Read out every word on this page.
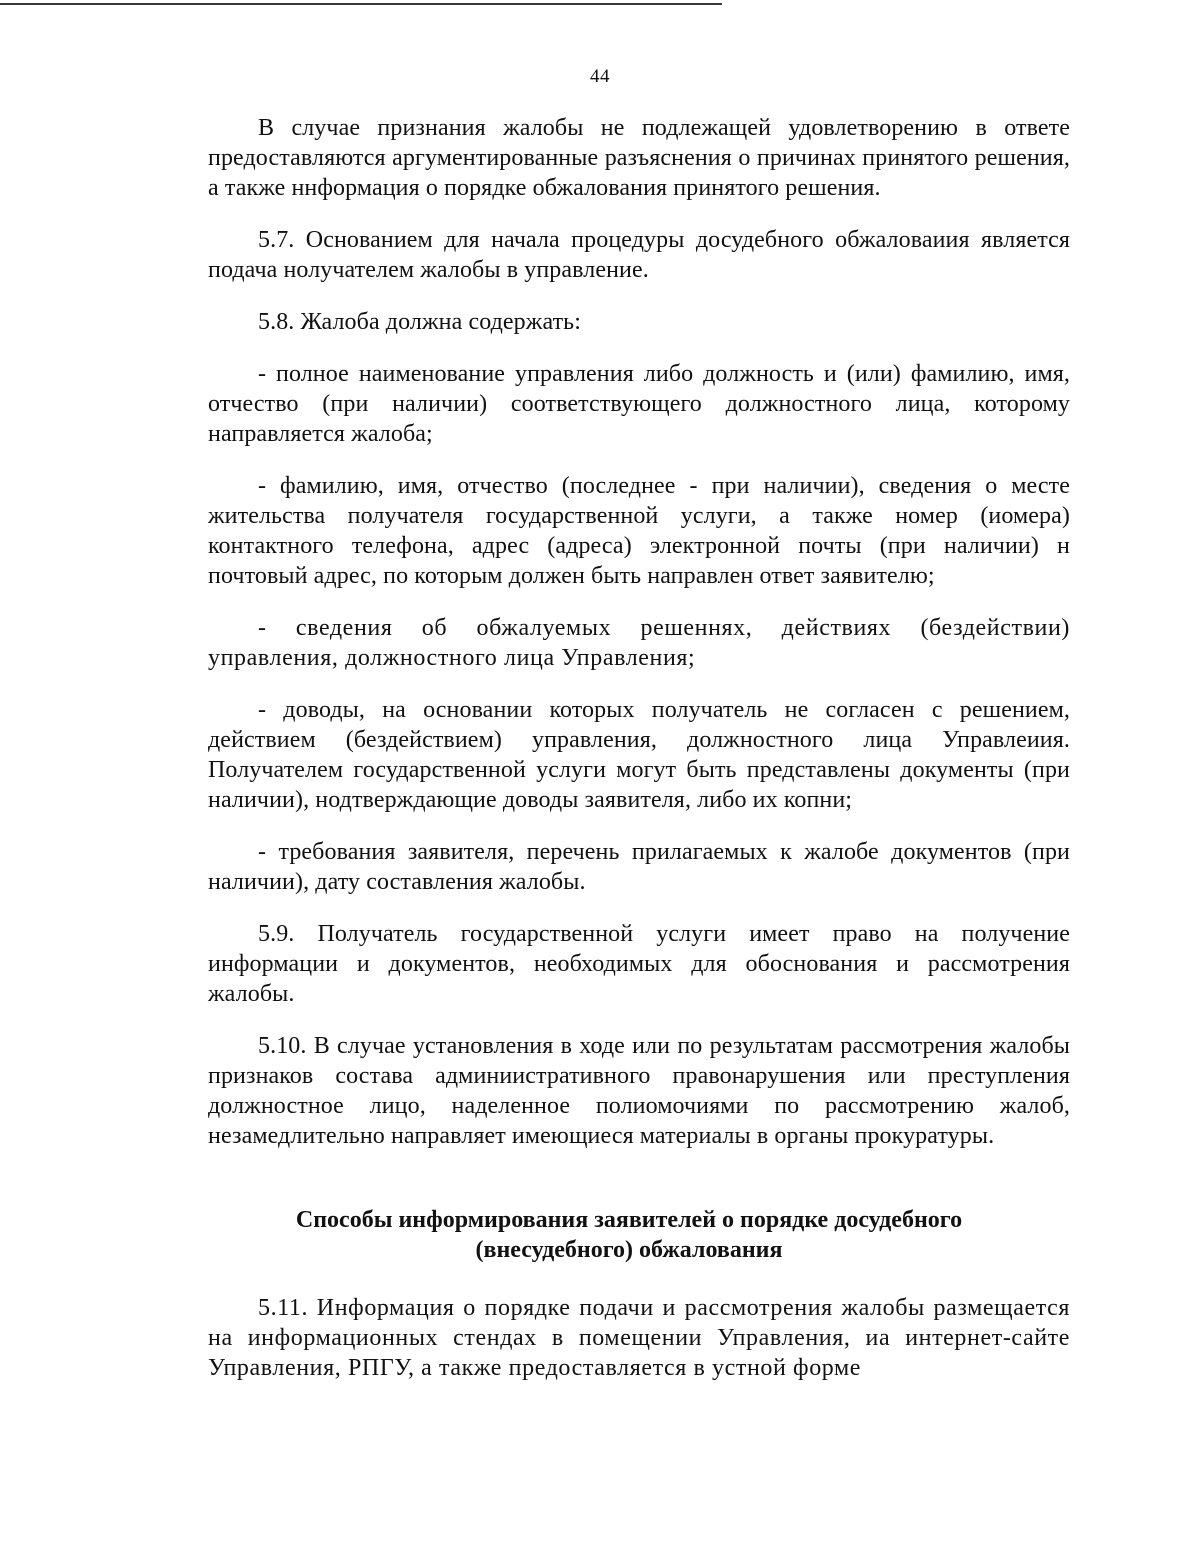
44

В случае признания жалобы не подлежащей удовлетворению в ответе предоставляются аргументированные разъяснения о причинах принятого решения, а также ннформация о порядке обжалования принятого решения.

5.7. Основанием для начала процедуры досудебного обжаловаиия является подача нолучателем жалобы в управление.

5.8. Жалоба должна содержать:

- полное наименование управления либо должность и (или) фамилию, имя, отчество (при наличии) соответствующего должностного лица, которому направляется жалоба;

- фамилию, имя, отчество (последнее - при наличии), сведения о месте жительства получателя государственной услуги, а также номер (иомера) контактного телефона, адрес (адреса) электронной почты (при наличии) н почтовый адрес, по которым должен быть направлен ответ заявителю;

- сведения об обжалуемых решеннях, действиях (бездействии) управления, должностного лица Управления;

- доводы, на основании которых получатель не согласен с решением, действием (бездействием) управления, должностного лица Управлеиия. Получателем государственной услуги могут быть представлены документы (при наличии), нодтверждающие доводы заявителя, либо их копни;

- требования заявителя, перечень прилагаемых к жалобе документов (при наличии), дату составления жалобы.

5.9. Получатель государственной услуги имеет право на получение информации и документов, необходимых для обоснования и рассмотрения жалобы.

5.10. В случае установления в ходе или по результатам рассмотрения жалобы признаков состава админиистративного правонарушения или преступления должностное лицо, наделенное полиомочиями по рассмотрению жалоб, незамедлительно направляет имеющиеся материалы в органы прокуратуры.

Способы информирования заявителей о порядке досудебного
(внесудебного) обжалования

5.11. Информация о порядке подачи и рассмотрения жалобы размещается на информационных стендах в помещении Управления, иа интернет-сайте Управления, РПГУ, а также предоставляется в устной форме
